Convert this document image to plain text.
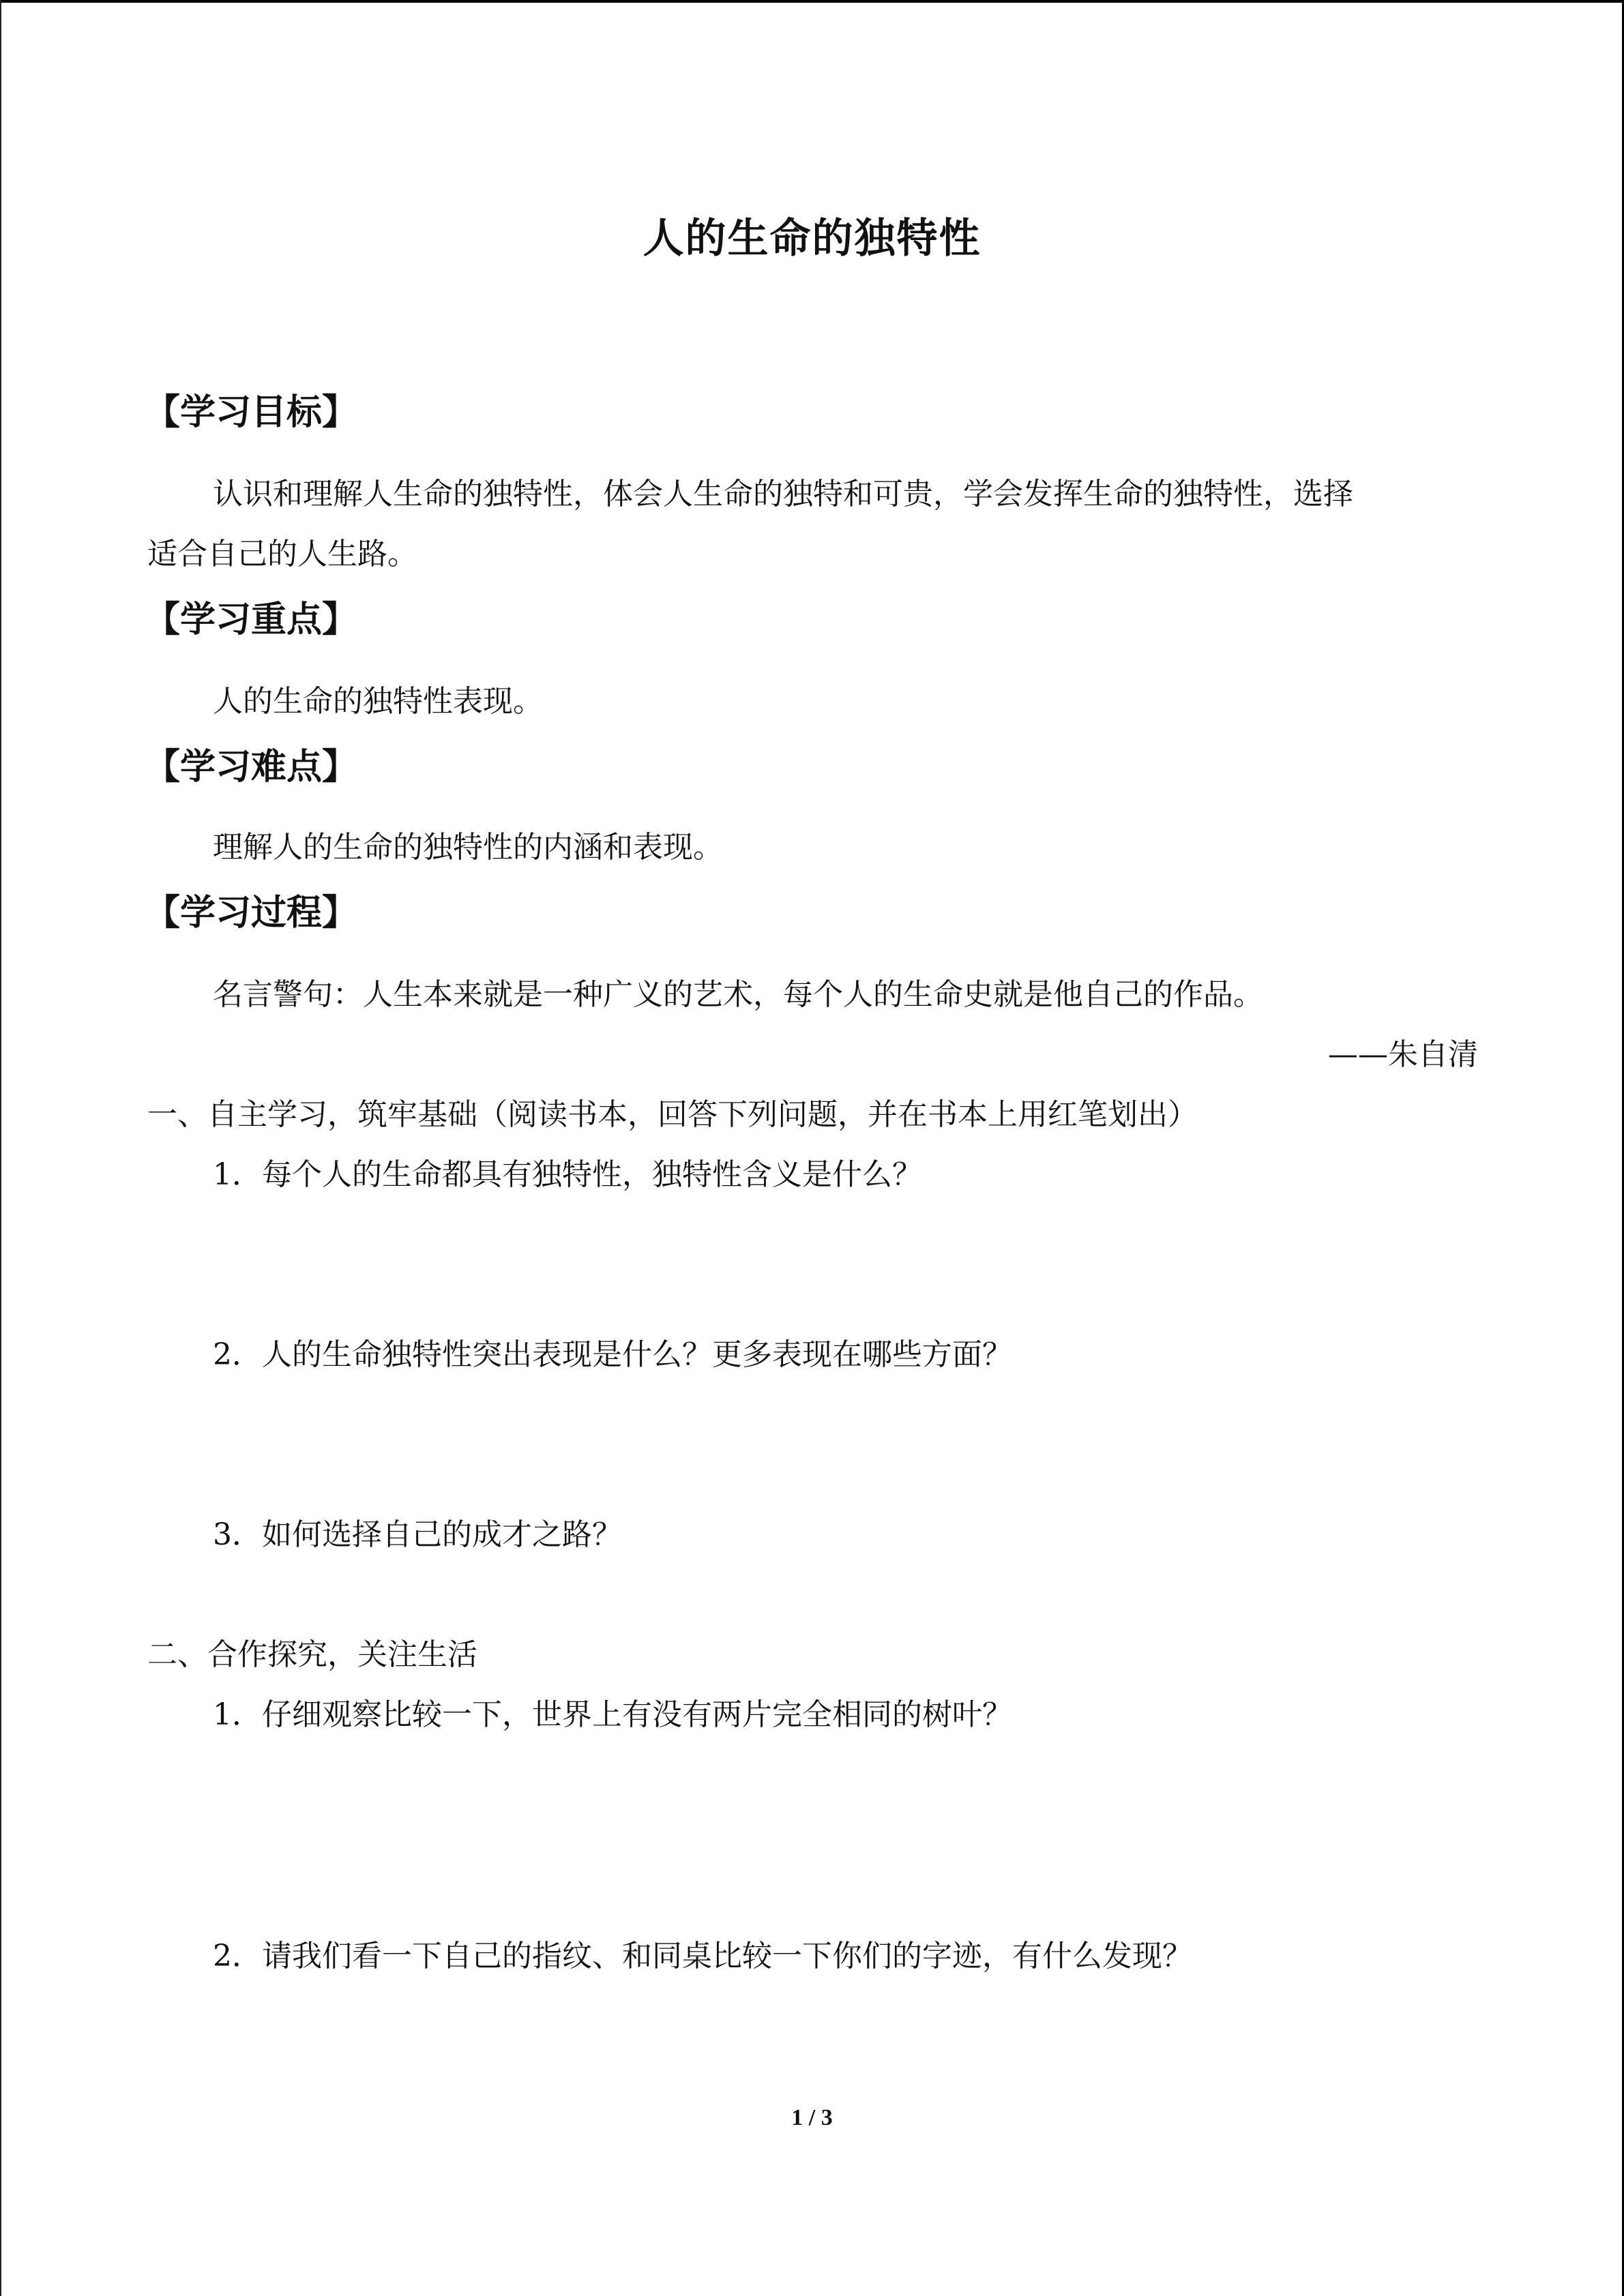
人的生命的独特性
【学习目标】
认识和理解人生命的独特性，体会人生命的独特和可贵，学会发挥生命的独特性，选择
适合自己的人生路。
【学习重点】
人的生命的独特性表现。
【学习难点】
理解人的生命的独特性的内涵和表现。
【学习过程】
名言警句：人生本来就是一种广义的艺术，每个人的生命史就是他自己的作品。
——朱自清
一、自主学习，筑牢基础（阅读书本，回答下列问题，并在书本上用红笔划出）
1．每个人的生命都具有独特性，独特性含义是什么？
2．人的生命独特性突出表现是什么？更多表现在哪些方面？
3．如何选择自己的成才之路？
二、合作探究，关注生活
1．仔细观察比较一下，世界上有没有两片完全相同的树叶？
2．请我们看一下自己的指纹、和同桌比较一下你们的字迹，有什么发现？
1 / 3
